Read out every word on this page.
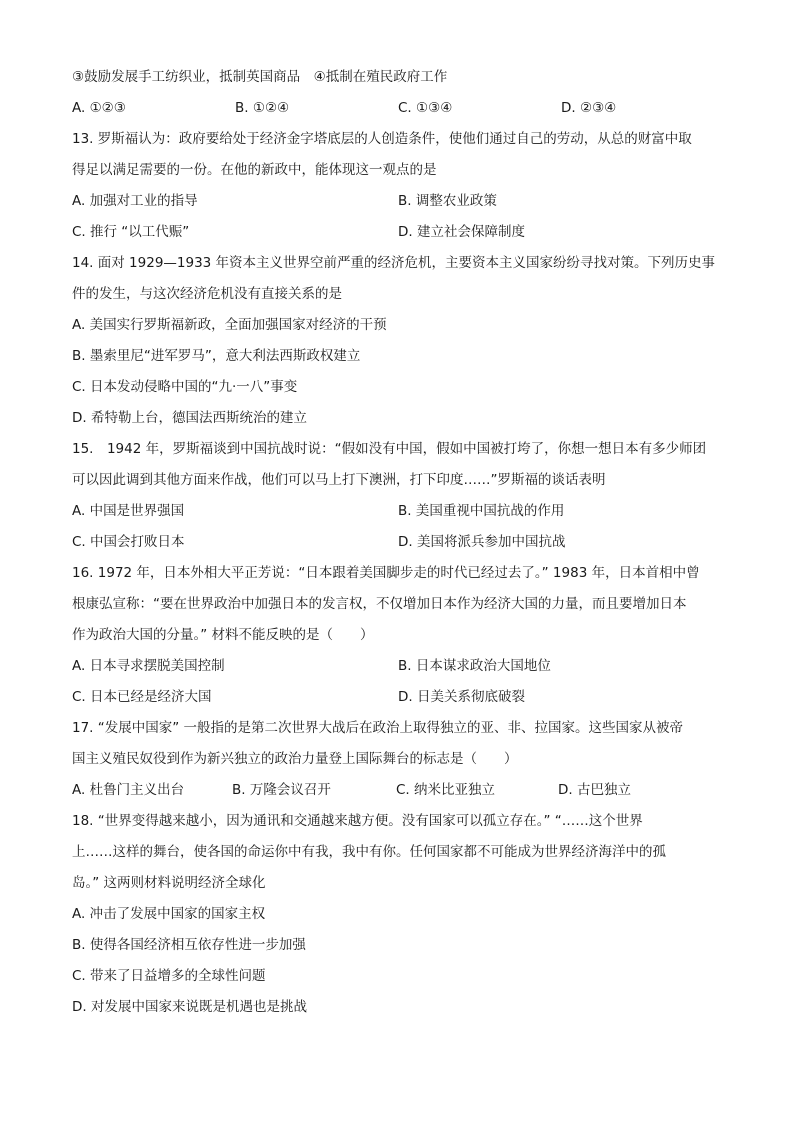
③鼓励发展手工纺织业，抵制英国商品　④抵制在殖民政府工作
A. ①②③	B. ①②④	C. ①③④	D. ②③④
13. 罗斯福认为：政府要给处于经济金字塔底层的人创造条件，使他们通过自己的劳动，从总的财富中取
得足以满足需要的一份。在他的新政中，能体现这一观点的是
A. 加强对工业的指导	B. 调整农业政策
C. 推行 “以工代赈”	D. 建立社会保障制度
14. 面对 1929—1933 年资本主义世界空前严重的经济危机，主要资本主义国家纷纷寻找对策。下列历史事
件的发生，与这次经济危机没有直接关系的是
A. 美国实行罗斯福新政，全面加强国家对经济的干预
B. 墨索里尼“进军罗马”，意大利法西斯政权建立
C. 日本发动侵略中国的“九·一八”事变
D. 希特勒上台，德国法西斯统治的建立
15.　1942 年，罗斯福谈到中国抗战时说：“假如没有中国，假如中国被打垮了，你想一想日本有多少师团
可以因此调到其他方面来作战，他们可以马上打下澳洲，打下印度……”罗斯福的谈话表明
A. 中国是世界强国	B. 美国重视中国抗战的作用
C. 中国会打败日本	D. 美国将派兵参加中国抗战
16. 1972 年，日本外相大平正芳说：“日本跟着美国脚步走的时代已经过去了。” 1983 年，日本首相中曾
根康弘宣称：“要在世界政治中加强日本的发言权，不仅增加日本作为经济大国的力量，而且要增加日本
作为政治大国的分量。” 材料不能反映的是（　　）
A. 日本寻求摆脱美国控制	B. 日本谋求政治大国地位
C. 日本已经是经济大国	D. 日美关系彻底破裂
17. “发展中国家” 一般指的是第二次世界大战后在政治上取得独立的亚、非、拉国家。这些国家从被帝
国主义殖民奴役到作为新兴独立的政治力量登上国际舞台的标志是（　　）
A. 杜鲁门主义出台	B. 万隆会议召开	C. 纳米比亚独立	D. 古巴独立
18. “世界变得越来越小，因为通讯和交通越来越方便。没有国家可以孤立存在。” “……这个世界
上……这样的舞台，使各国的命运你中有我，我中有你。任何国家都不可能成为世界经济海洋中的孤
岛。” 这两则材料说明经济全球化
A. 冲击了发展中国家的国家主权
B. 使得各国经济相互依存性进一步加强
C. 带来了日益增多的全球性问题
D. 对发展中国家来说既是机遇也是挑战
